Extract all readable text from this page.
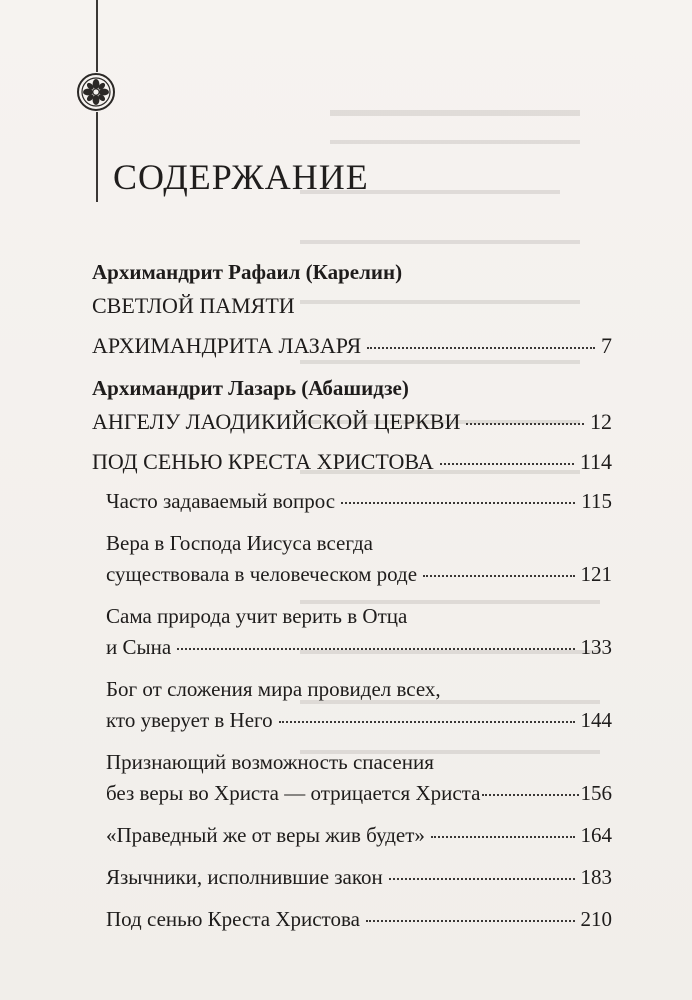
СОДЕРЖАНИЕ
Архимандрит Рафаил (Карелин)
СВЕТЛОЙ ПАМЯТИ
АРХИМАНДРИТА ЛАЗАРЯ	7
Архимандрит Лазарь (Абашидзе)
АНГЕЛУ ЛАОДИКИЙСКОЙ ЦЕРКВИ	12
ПОД СЕНЬЮ КРЕСТА ХРИСТОВА	114
Часто задаваемый вопрос	115
Вера в Господа Иисуса всегда
существовала в человеческом роде	121
Сама природа учит верить в Отца
и Сына	133
Бог от сложения мира провидел всех,
кто уверует в Него	144
Признающий возможность спасения
без веры во Христа — отрицается Христа	156
«Праведный же от веры жив будет»	164
Язычники, исполнившие закон	183
Под сенью Креста Христова	210
